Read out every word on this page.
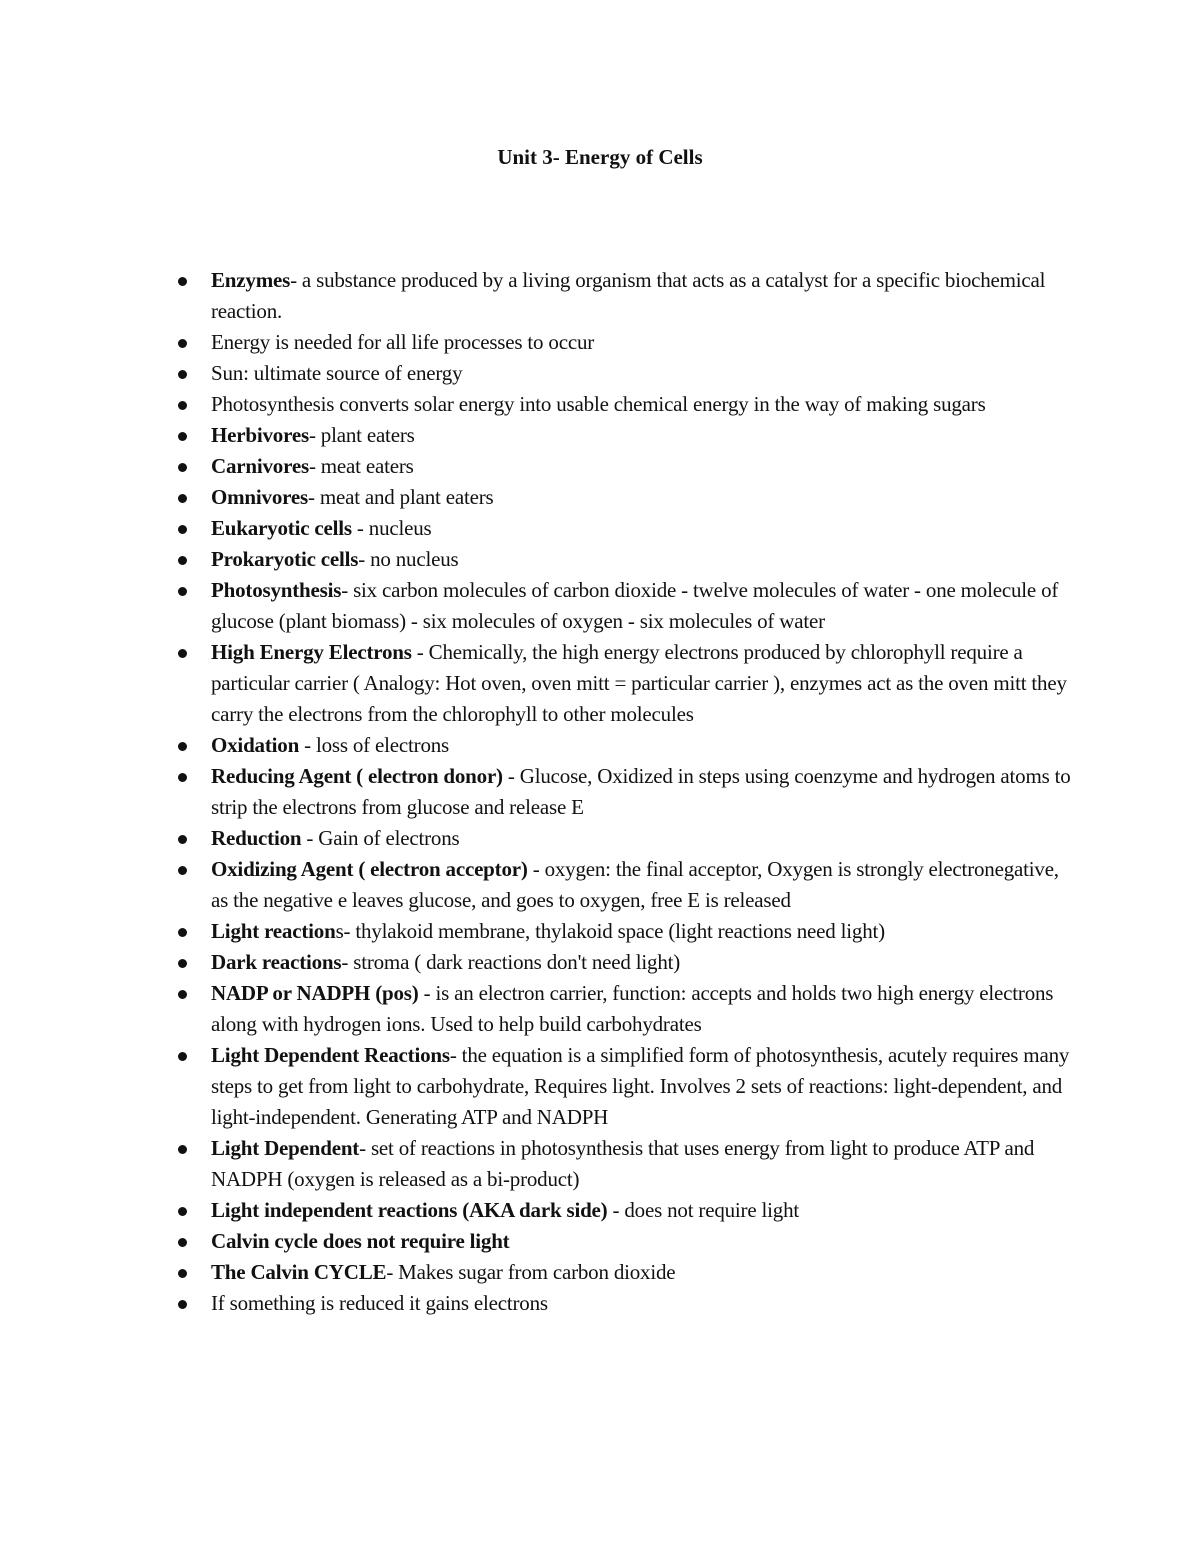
Unit 3- Energy of Cells
Enzymes- a substance produced by a living organism that acts as a catalyst for a specific biochemical reaction.
Energy is needed for all life processes to occur
Sun: ultimate source of energy
Photosynthesis converts solar energy into usable chemical energy in the way of making sugars
Herbivores- plant eaters
Carnivores- meat eaters
Omnivores- meat and plant eaters
Eukaryotic cells - nucleus
Prokaryotic cells- no nucleus
Photosynthesis- six carbon molecules of carbon dioxide - twelve molecules of water - one molecule of glucose (plant biomass) - six molecules of oxygen - six molecules of water
High Energy Electrons - Chemically, the high energy electrons produced by chlorophyll require a particular carrier ( Analogy: Hot oven, oven mitt = particular carrier ), enzymes act as the oven mitt they carry the electrons from the chlorophyll to other molecules
Oxidation - loss of electrons
Reducing Agent ( electron donor) - Glucose, Oxidized in steps using coenzyme and hydrogen atoms to strip the electrons from glucose and release E
Reduction - Gain of electrons
Oxidizing Agent ( electron acceptor) - oxygen: the final acceptor, Oxygen is strongly electronegative, as the negative e leaves glucose, and goes to oxygen, free E is released
Light reactions- thylakoid membrane, thylakoid space (light reactions need light)
Dark reactions- stroma ( dark reactions don't need light)
NADP or NADPH (pos) - is an electron carrier, function: accepts and holds two high energy electrons along with hydrogen ions. Used to help build carbohydrates
Light Dependent Reactions- the equation is a simplified form of photosynthesis, acutely requires many steps to get from light to carbohydrate, Requires light. Involves 2 sets of reactions: light-dependent, and light-independent. Generating ATP and NADPH
Light Dependent- set of reactions in photosynthesis that uses energy from light to produce ATP and NADPH (oxygen is released as a bi-product)
Light independent reactions (AKA dark side) - does not require light
Calvin cycle does not require light
The Calvin CYCLE- Makes sugar from carbon dioxide
If something is reduced it gains electrons
